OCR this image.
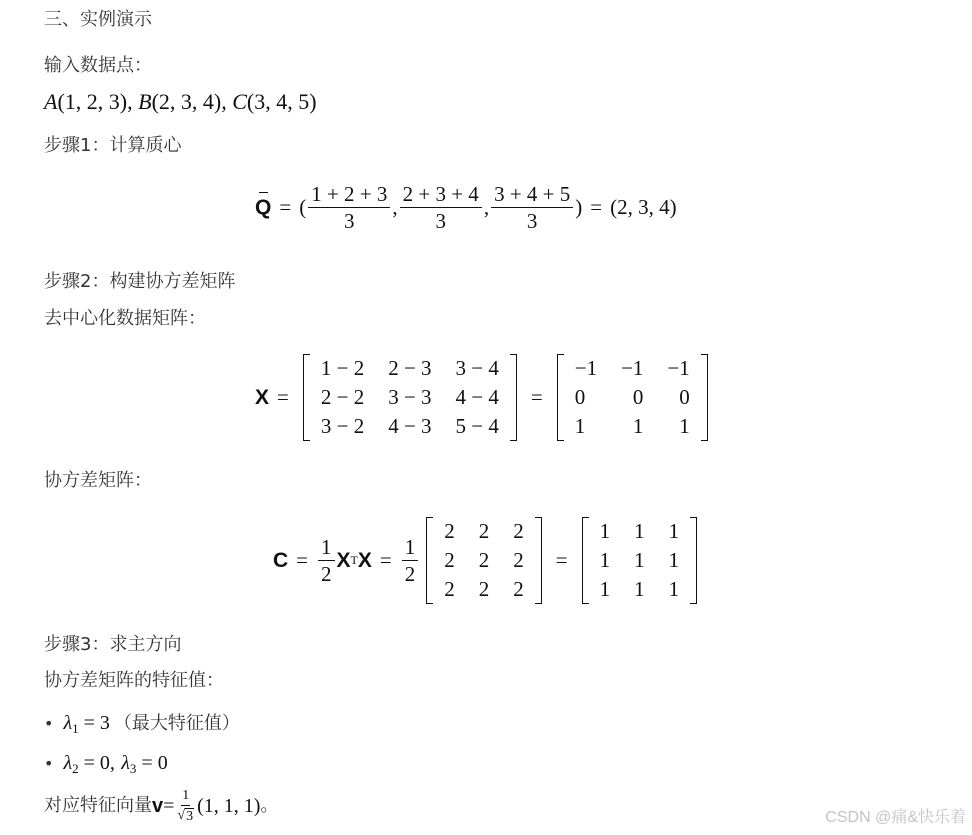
三、实例演示
输入数据点：
A(1, 2, 3), B(2, 3, 4), C(3, 4, 5)
步骤1：计算质心
Q = ( $\frac{1 + 2 + 3}{3}$ , $\frac{2 + 3 + 4}{3}$ , $\frac{3 + 4 + 5}{3}$ ) = (2, 3, 4)
步骤2：构建协方差矩阵
去中心化数据矩阵：
X =
1 − 2	2 − 3	3 − 4
2 − 2	3 − 3	4 − 4
3 − 2	4 − 3	5 − 4
=
−1	−1	−1
0	0	0
1	1	1
协方差矩阵：
$C = \frac{1}{2}$ X T $X = \frac{1}{2}$
2	2	2
2	2	2
2	2	2
=
1	1	1
1	1	1
1	1	1
步骤3：求主方向
协方差矩阵的特征值：
• $\lambda_1 = 3$ （最大特征值）
• $\lambda_2 = 0$, $\lambda_3 = 0$
对应特征向量 $v = \frac{1}{√ 3} (1$, 1, 1) 。
CSDN @痛&快乐着
